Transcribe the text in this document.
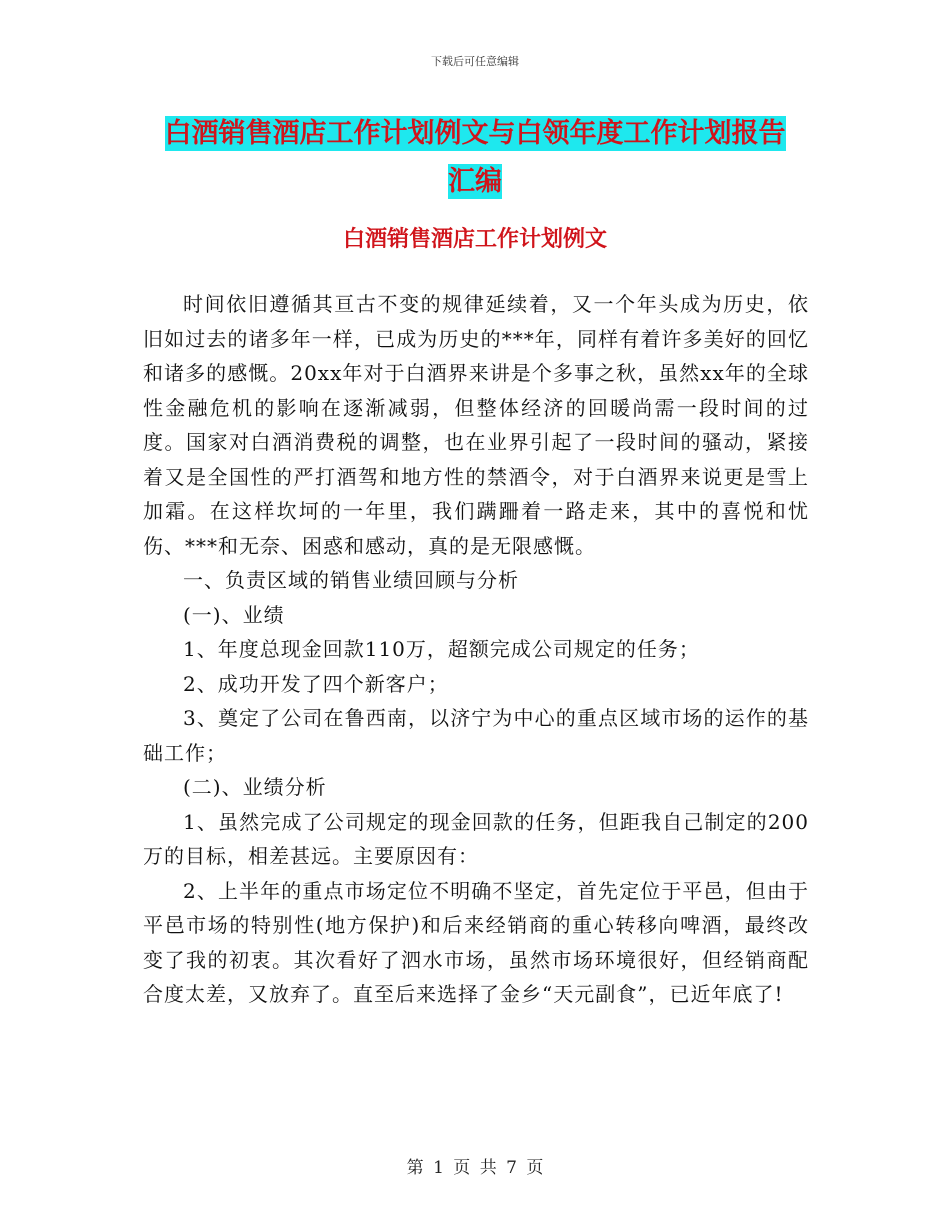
下载后可任意编辑
白酒销售酒店工作计划例文与白领年度工作计划报告
汇编
白酒销售酒店工作计划例文

时间依旧遵循其亘古不变的规律延续着，又一个年头成为历史，依旧如过去的诸多年一样，已成为历史的***年，同样有着许多美好的回忆和诸多的感慨。20xx年对于白酒界来讲是个多事之秋，虽然xx年的全球性金融危机的影响在逐渐减弱，但整体经济的回暖尚需一段时间的过度。国家对白酒消费税的调整，也在业界引起了一段时间的骚动，紧接着又是全国性的严打酒驾和地方性的禁酒令，对于白酒界来说更是雪上加霜。在这样坎坷的一年里，我们蹒跚着一路走来，其中的喜悦和忧伤、***和无奈、困惑和感动，真的是无限感慨。

一、负责区域的销售业绩回顾与分析

(一)、业绩

1、年度总现金回款110万，超额完成公司规定的任务；

2、成功开发了四个新客户；

3、奠定了公司在鲁西南，以济宁为中心的重点区域市场的运作的基础工作；

(二)、业绩分析

1、虽然完成了公司规定的现金回款的任务，但距我自己制定的200万的目标，相差甚远。主要原因有：

2、上半年的重点市场定位不明确不坚定，首先定位于平邑，但由于平邑市场的特别性(地方保护)和后来经销商的重心转移向啤酒，最终改变了我的初衷。其次看好了泗水市场，虽然市场环境很好，但经销商配合度太差，又放弃了。直至后来选择了金乡“天元副食”，已近年底了!

第 1 页 共 7 页
